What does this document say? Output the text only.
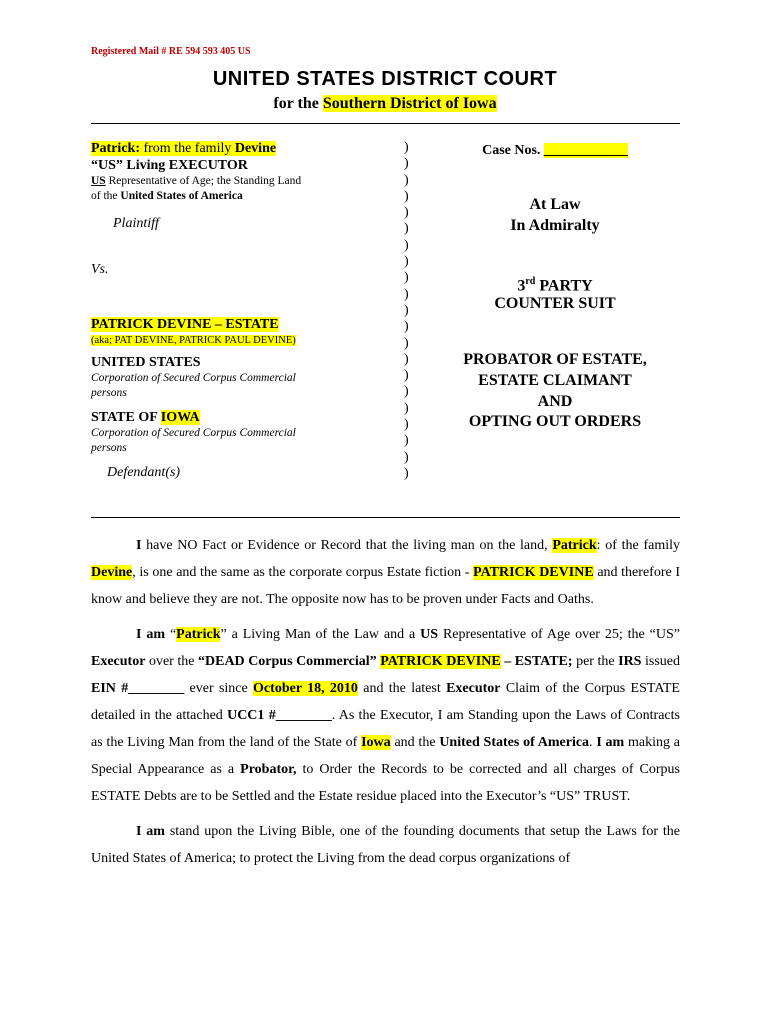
Registered Mail # RE 594 593 405 US
UNITED STATES DISTRICT COURT
for the Southern District of Iowa
Patrick: from the family Devine
“US” Living EXECUTOR
US Representative of Age; the Standing Land
of the United States of America
Plaintiff
Vs.
PATRICK DEVINE – ESTATE
(aka; PAT DEVINE, PATRICK PAUL DEVINE)
UNITED STATES
Corporation of Secured Corpus Commercial
persons
STATE OF IOWA
Corporation of Secured Corpus Commercial
persons
Defendant(s)
)
)
)
)
)
)
)
)
)
)
)
)
)
)
)
)
)
)
)
)
)
Case Nos. ____________
At Law
In Admiralty
3rd PARTY
COUNTER SUIT
PROBATOR OF ESTATE,
ESTATE CLAIMANT
AND
OPTING OUT ORDERS

I have NO Fact or Evidence or Record that the living man on the land, Patrick: of the family Devine, is one and the same as the corporate corpus Estate fiction - PATRICK DEVINE and therefore I know and believe they are not. The opposite now has to be proven under Facts and Oaths.

I am “Patrick” a Living Man of the Law and a US Representative of Age over 25; the “US” Executor over the “DEAD Corpus Commercial” PATRICK DEVINE – ESTATE; per the IRS issued EIN #________ ever since October 18, 2010 and the latest Executor Claim of the Corpus ESTATE detailed in the attached UCC1 #________. As the Executor, I am Standing upon the Laws of Contracts as the Living Man from the land of the State of Iowa and the United States of America. I am making a Special Appearance as a Probator, to Order the Records to be corrected and all charges of Corpus ESTATE Debts are to be Settled and the Estate residue placed into the Executor’s “US” TRUST.

I am stand upon the Living Bible, one of the founding documents that setup the Laws for the United States of America; to protect the Living from the dead corpus organizations of
